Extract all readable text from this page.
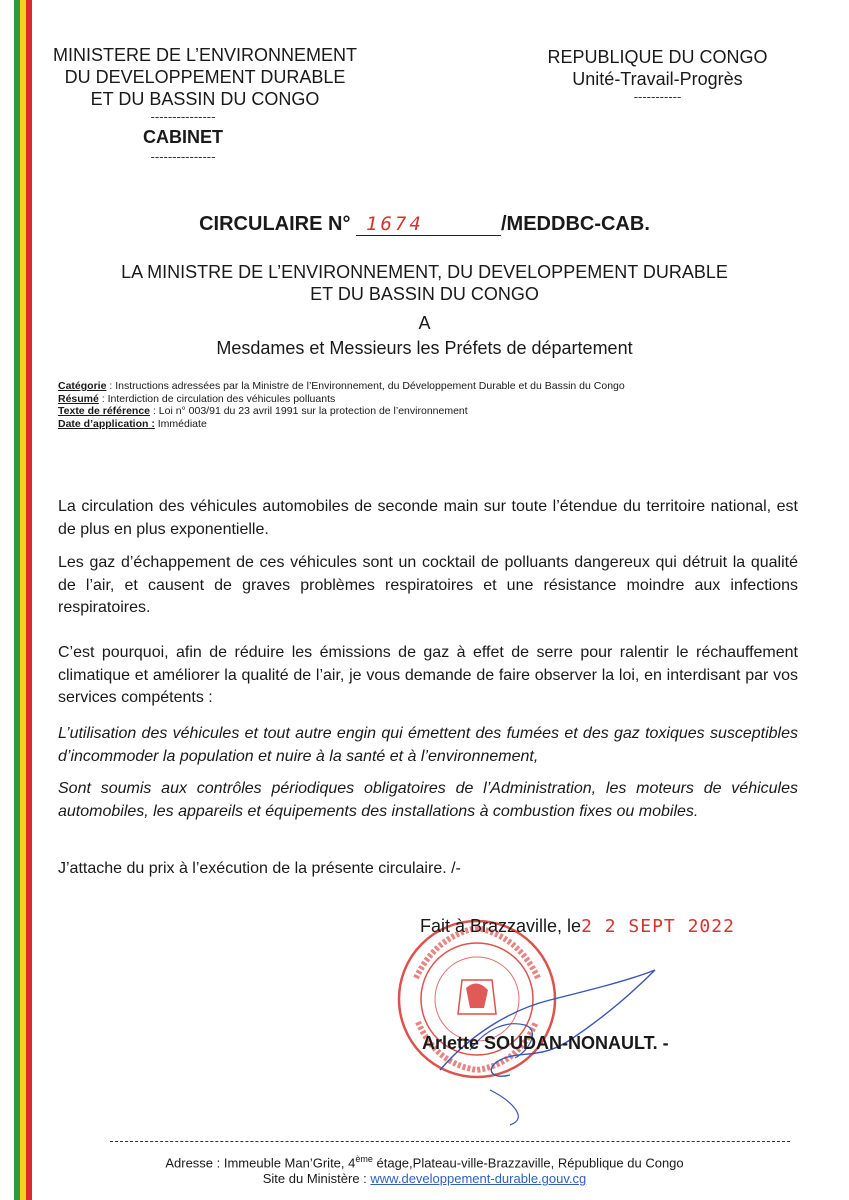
MINISTERE DE L’ENVIRONNEMENT
DU DEVELOPPEMENT DURABLE
ET DU BASSIN DU CONGO
---------------
CABINET
---------------
REPUBLIQUE DU CONGO
Unité-Travail-Progrès
-----------
CIRCULAIRE N° 1674	/MEDDBC-CAB.
LA MINISTRE DE L’ENVIRONNEMENT, DU DEVELOPPEMENT DURABLE
ET DU BASSIN DU CONGO
A
Mesdames et Messieurs les Préfets de département
Catégorie : Instructions adressées par la Ministre de l’Environnement, du Développement Durable et du Bassin du Congo
Résumé : Interdiction de circulation des véhicules polluants
Texte de référence : Loi n° 003/91 du 23 avril 1991 sur la protection de l’environnement
Date d’application : Immédiate
La circulation des véhicules automobiles de seconde main sur toute l’étendue du territoire national, est de plus en plus exponentielle.
Les gaz d’échappement de ces véhicules sont un cocktail de polluants dangereux qui détruit la qualité de l’air, et causent de graves problèmes respiratoires et une résistance moindre aux infections respiratoires.
C’est pourquoi, afin de réduire les émissions de gaz à effet de serre pour ralentir le réchauffement climatique et améliorer la qualité de l’air, je vous demande de faire observer la loi, en interdisant par vos services compétents :
L’utilisation des véhicules et tout autre engin qui émettent des fumées et des gaz toxiques susceptibles d’incommoder la population et nuire à la santé et à l’environnement,
Sont soumis aux contrôles périodiques obligatoires de l’Administration, les moteurs de véhicules automobiles, les appareils et équipements des installations à combustion fixes ou mobiles.
J’attache du prix à l’exécution de la présente circulaire. /-
Fait à Brazzaville, le2 2 SEPT 2022
Arlette SOUDAN-NONAULT. -
Adresse : Immeuble Man’Grite, 4ème étage,Plateau-ville-Brazzaville, République du Congo
Site du Ministère : www.developpement-durable.gouv.cg
